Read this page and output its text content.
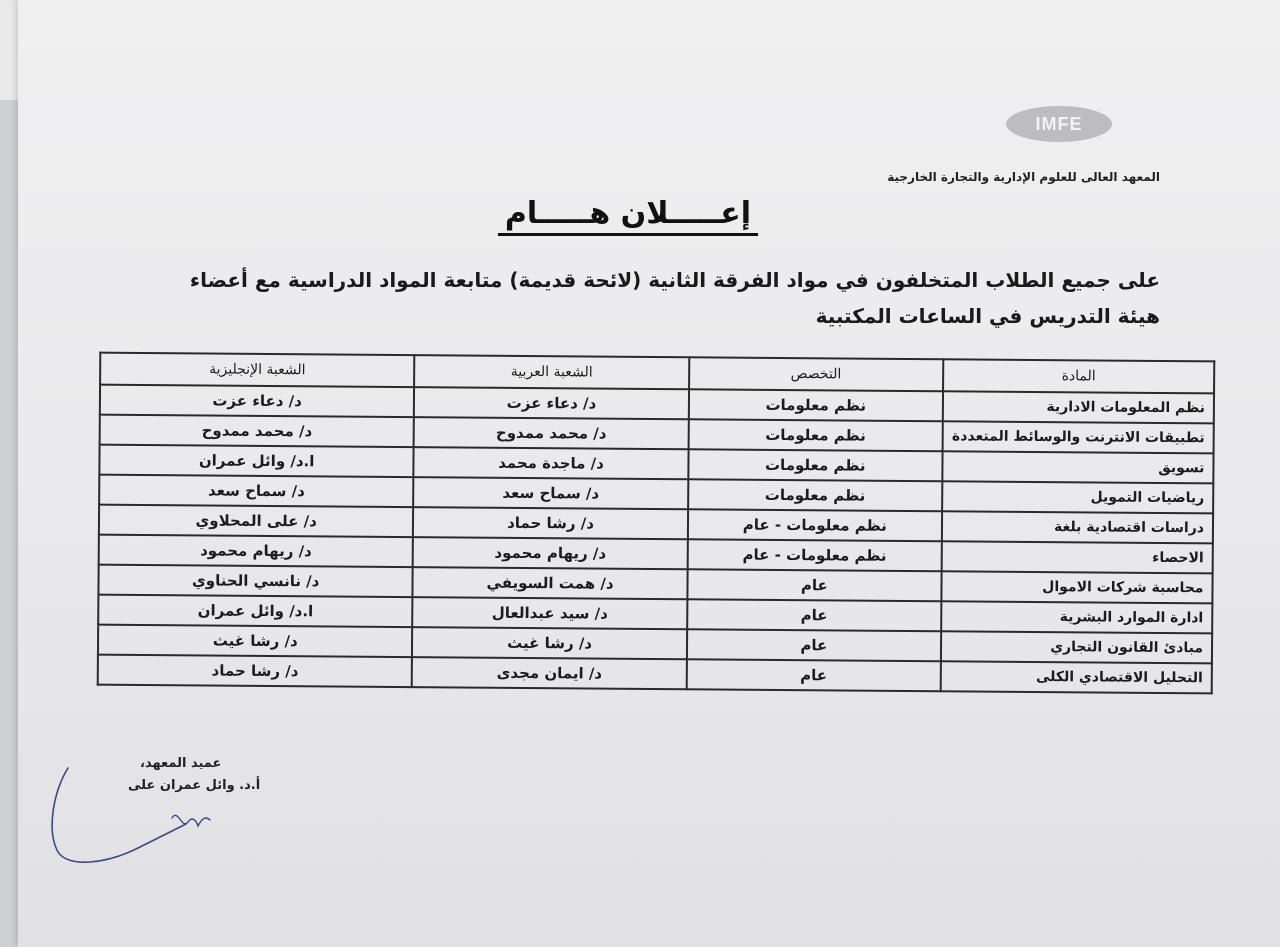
IMFE
المعهد العالى للعلوم الإدارية والتجارة الخارجية
إعـــــلان هـــــام
على جميع الطلاب المتخلفون في مواد الفرقة الثانية (لائحة قديمة) متابعة المواد الدراسية مع أعضاء هيئة التدريس في الساعات المكتبية
المادة	التخصص	الشعبة العربية	الشعبة الإنجليزية
نظم المعلومات الادارية	نظم معلومات	د/ دعاء عزت	د/ دعاء عزت
تطبيقات الانترنت والوسائط المتعددة	نظم معلومات	د/ محمد ممدوح	د/ محمد ممدوح
تسويق	نظم معلومات	د/ ماجدة محمد	ا.د/ وائل عمران
رياضيات التمويل	نظم معلومات	د/ سماح سعد	د/ سماح سعد
دراسات اقتصادية بلغة	نظم معلومات - عام	د/ رشا حماد	د/ على المحلاوي
الاحصاء	نظم معلومات - عام	د/ ريهام محمود	د/ ريهام محمود
محاسبة شركات الاموال	عام	د/ همت السويفي	د/ نانسي الحناوي
ادارة الموارد البشرية	عام	د/ سيد عبدالعال	ا.د/ وائل عمران
مبادئ القانون التجاري	عام	د/ رشا غيث	د/ رشا غيث
التحليل الاقتصادي الكلى	عام	د/ ايمان مجدى	د/ رشا حماد
عميد المعهد،
أ.د. وائل عمران على
